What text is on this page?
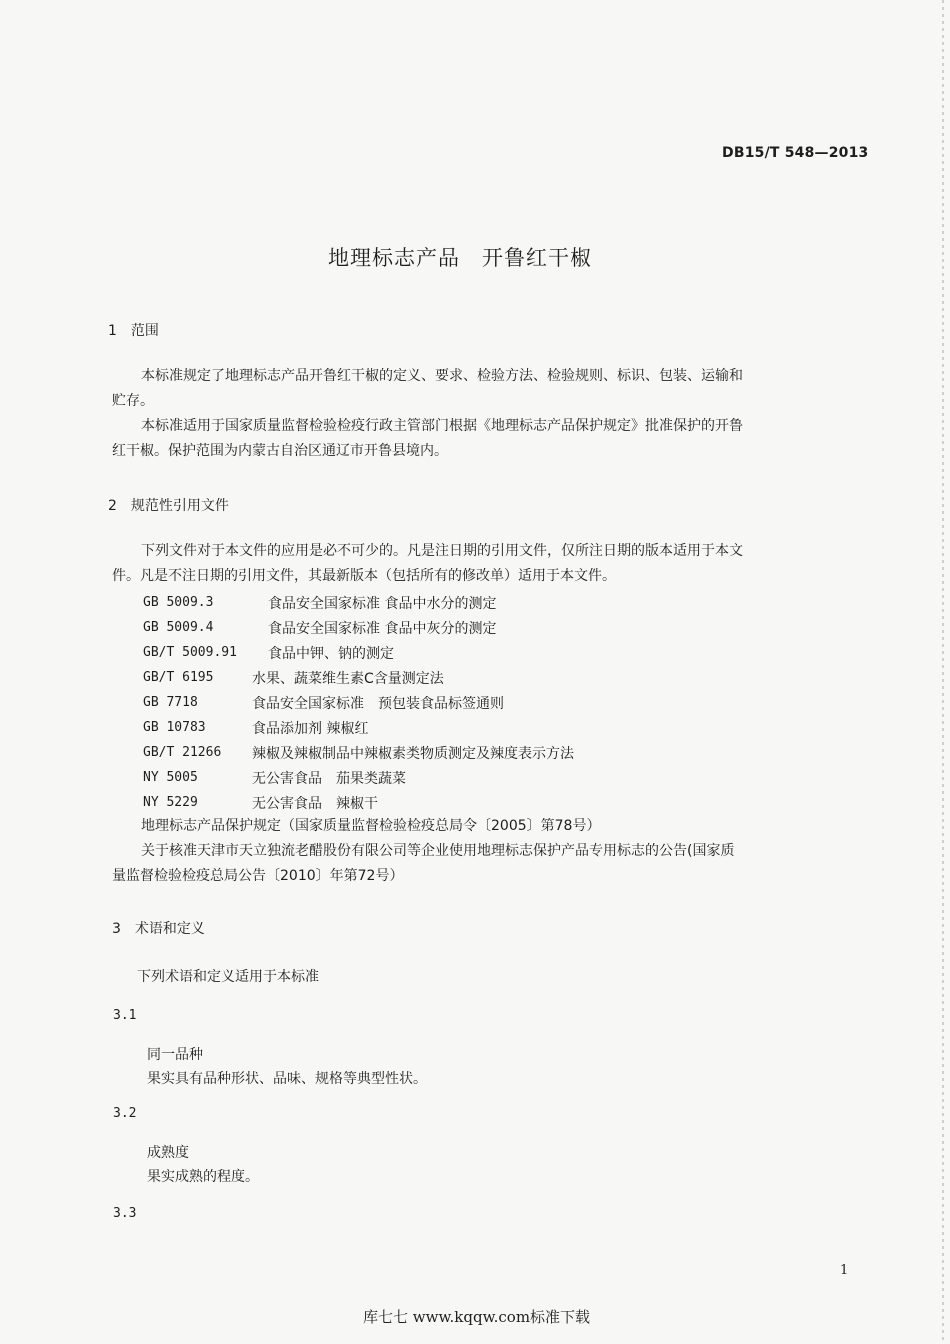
DB15/T 548—2013
地理标志产品　开鲁红干椒
1　范围
本标准规定了地理标志产品开鲁红干椒的定义、要求、检验方法、检验规则、标识、包装、运输和
贮存。
本标准适用于国家质量监督检验检疫行政主管部门根据《地理标志产品保护规定》批准保护的开鲁
红干椒。保护范围为内蒙古自治区通辽市开鲁县境内。
2　规范性引用文件
下列文件对于本文件的应用是必不可少的。凡是注日期的引用文件，仅所注日期的版本适用于本文
件。凡是不注日期的引用文件，其最新版本（包括所有的修改单）适用于本文件。
GB 5009.3	食品安全国家标准 食品中水分的测定
GB 5009.4	食品安全国家标准 食品中灰分的测定
GB/T 5009.91 食品中钾、钠的测定
GB/T 6195	水果、蔬菜维生素C含量测定法
GB 7718	食品安全国家标准　预包装食品标签通则
GB 10783	食品添加剂 辣椒红
GB/T 21266 辣椒及辣椒制品中辣椒素类物质测定及辣度表示方法
NY 5005	无公害食品　茄果类蔬菜
NY 5229	无公害食品　辣椒干
地理标志产品保护规定（国家质量监督检验检疫总局令〔2005〕第78号）
关于核准天津市天立独流老醋股份有限公司等企业使用地理标志保护产品专用标志的公告(国家质
量监督检验检疫总局公告〔2010〕年第72号）
3　术语和定义
下列术语和定义适用于本标准
3.1
同一品种
果实具有品种形状、品味、规格等典型性状。
3.2
成熟度
果实成熟的程度。
3.3
1
库七七 www.kqqw.com标准下载
